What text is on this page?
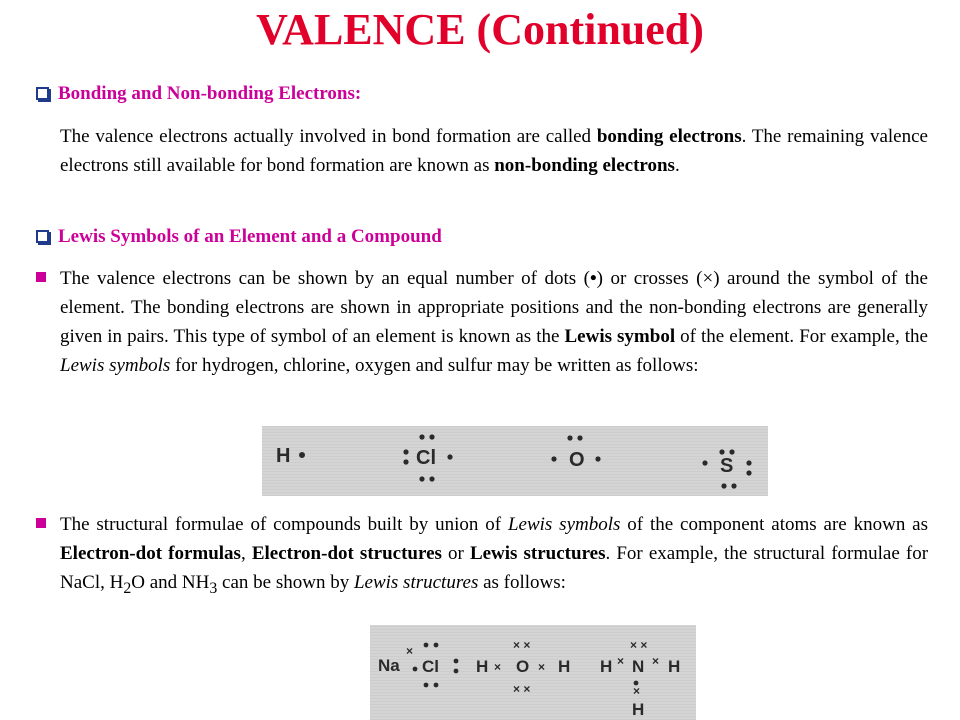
VALENCE (Continued)
Bonding and Non-bonding Electrons:
The valence electrons actually involved in bond formation are called bonding electrons. The remaining valence electrons still available for bond formation are known as non-bonding electrons.
Lewis Symbols of an Element and a Compound
The valence electrons can be shown by an equal number of dots (•) or crosses (×) around the symbol of the element. The bonding electrons are shown in appropriate positions and the non-bonding electrons are generally given in pairs. This type of symbol of an element is known as the Lewis symbol of the element. For example, the Lewis symbols for hydrogen, chlorine, oxygen and sulfur may be written as follows:
H	Cl	O	S
The structural formulae of compounds built by union of Lewis symbols of the component atoms are known as Electron-dot formulas, Electron-dot structures or Lewis structures. For example, the structural formulae for NaCl, $H_2O$ and $NH_3$ can be shown by Lewis structures as follows:
Na
×
Cl H × O
× ×
× ×
× H H × N
× ×
× H
×
H
